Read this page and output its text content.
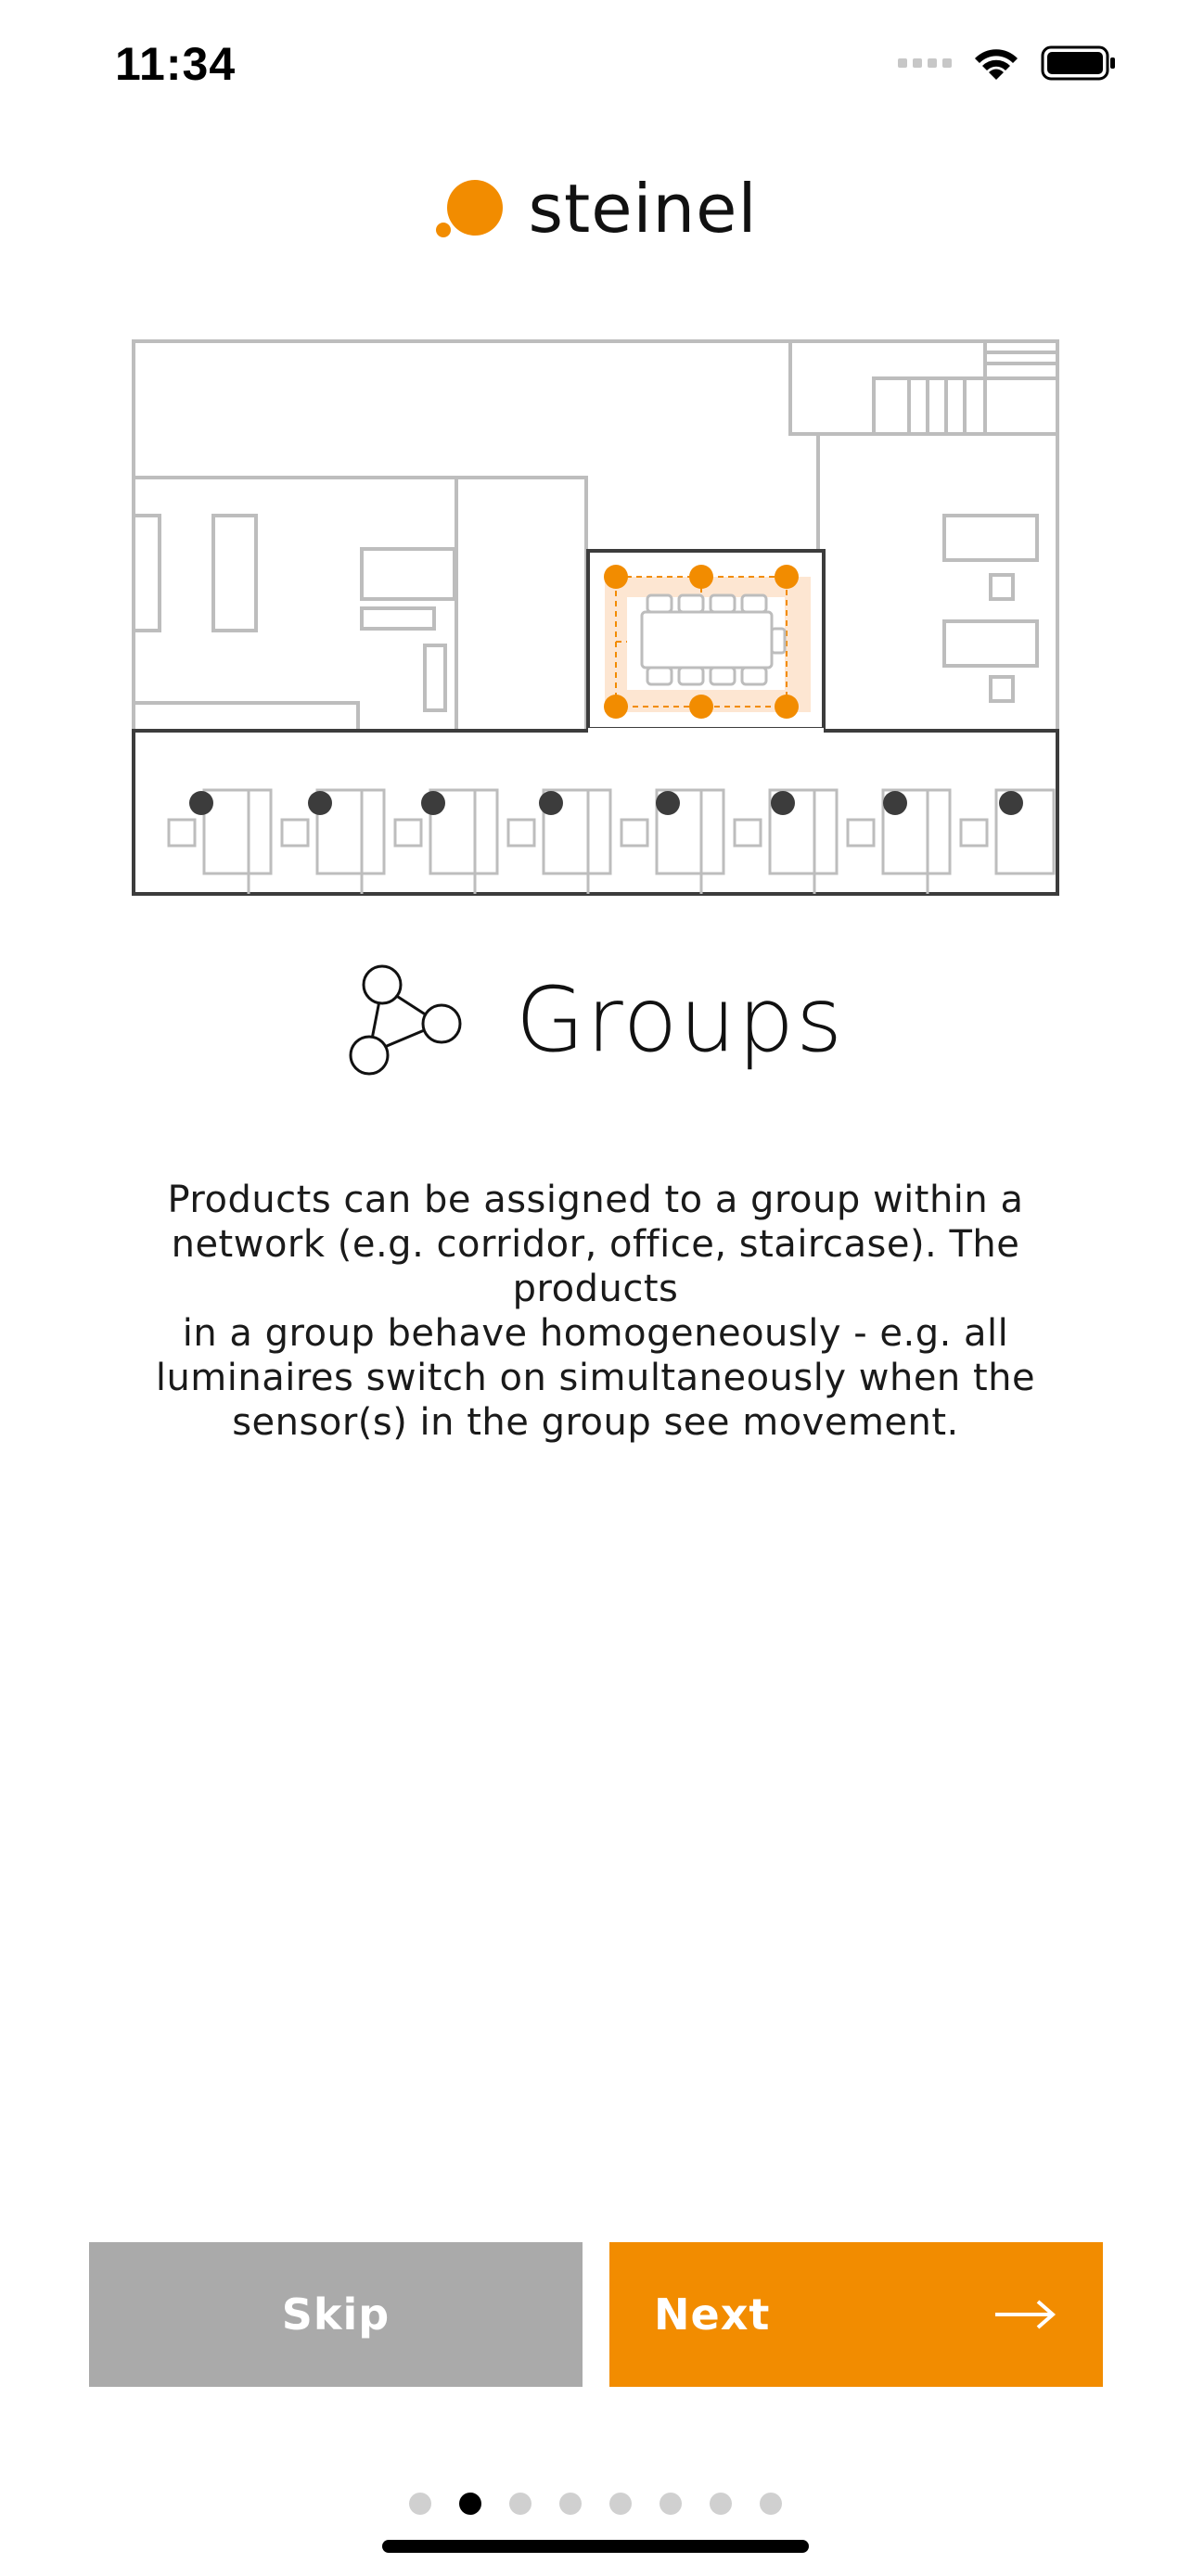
11:34
steinel
Groups
Products can be assigned to a group within a
network (e.g. corridor, office, staircase). The products
in a group behave homogeneously - e.g. all
luminaires switch on simultaneously when the
sensor(s) in the group see movement.
Skip	Next
